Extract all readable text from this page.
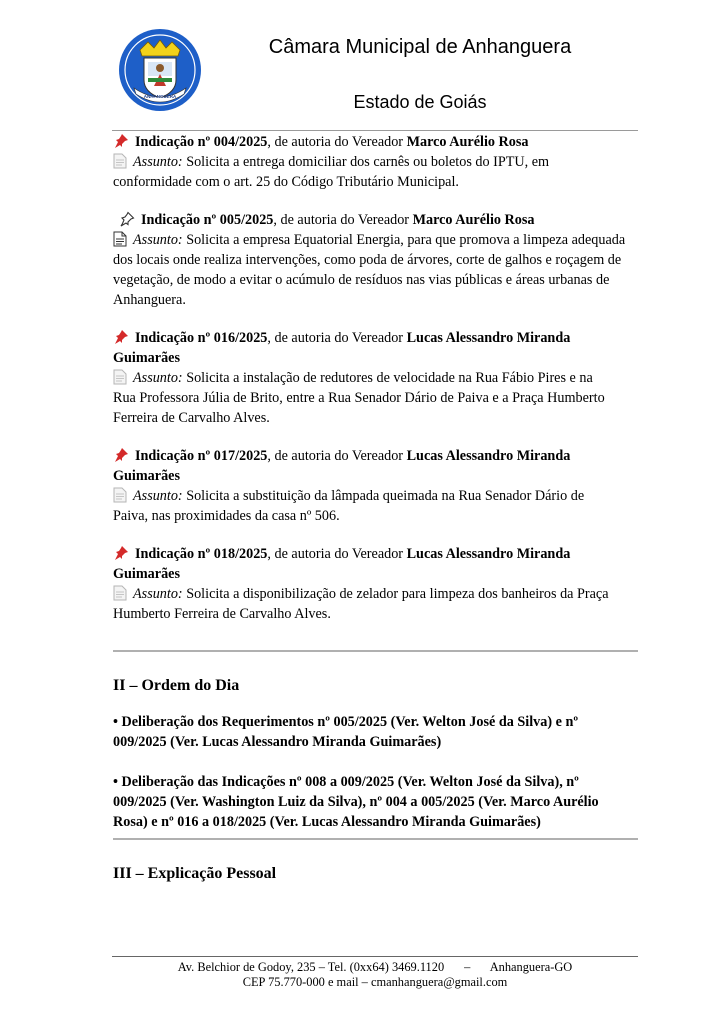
ANHANGUERA
Câmara Municipal de Anhanguera
Estado de Goiás
Indicação nº 004/2025, de autoria do Vereador Marco Aurélio Rosa
Assunto: Solicita a entrega domiciliar dos carnês ou boletos do IPTU, em
conformidade com o art. 25 do Código Tributário Municipal.
Indicação nº 005/2025, de autoria do Vereador Marco Aurélio Rosa
Assunto: Solicita a empresa Equatorial Energia, para que promova a limpeza adequada
dos locais onde realiza intervenções, como poda de árvores, corte de galhos e roçagem de
vegetação, de modo a evitar o acúmulo de resíduos nas vias públicas e áreas urbanas de
Anhanguera.
Indicação nº 016/2025, de autoria do Vereador Lucas Alessandro Miranda
Guimarães
Assunto: Solicita a instalação de redutores de velocidade na Rua Fábio Pires e na
Rua Professora Júlia de Brito, entre a Rua Senador Dário de Paiva e a Praça Humberto
Ferreira de Carvalho Alves.
Indicação nº 017/2025, de autoria do Vereador Lucas Alessandro Miranda
Guimarães
Assunto: Solicita a substituição da lâmpada queimada na Rua Senador Dário de
Paiva, nas proximidades da casa nº 506.
Indicação nº 018/2025, de autoria do Vereador Lucas Alessandro Miranda
Guimarães
Assunto: Solicita a disponibilização de zelador para limpeza dos banheiros da Praça
Humberto Ferreira de Carvalho Alves.
II – Ordem do Dia
• Deliberação dos Requerimentos nº 005/2025 (Ver. Welton José da Silva) e nº
009/2025 (Ver. Lucas Alessandro Miranda Guimarães)
• Deliberação das Indicações nº 008 a 009/2025 (Ver. Welton José da Silva), nº
009/2025 (Ver. Washington Luiz da Silva), nº 004 a 005/2025 (Ver. Marco Aurélio
Rosa) e nº 016 a 018/2025 (Ver. Lucas Alessandro Miranda Guimarães)
III – Explicação Pessoal
Av. Belchior de Godoy, 235 – Tel. (0xx64) 3469.1120 – Anhanguera-GO
CEP 75.770-000 e mail – cmanhanguera@gmail.com
